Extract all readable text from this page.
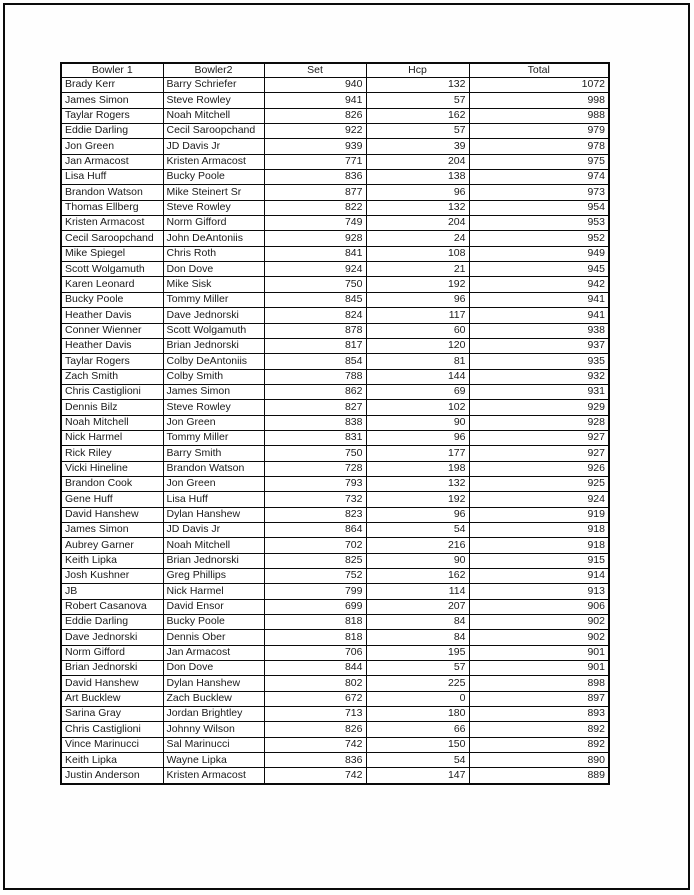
Bowler 1	Bowler2	Set	Hcp	Total
Brady Kerr	Barry Schriefer	940	132	1072
James Simon	Steve Rowley	941	57	998
Taylar Rogers	Noah Mitchell	826	162	988
Eddie Darling	Cecil Saroopchand	922	57	979
Jon Green	JD Davis Jr	939	39	978
Jan Armacost	Kristen Armacost	771	204	975
Lisa Huff	Bucky Poole	836	138	974
Brandon Watson	Mike Steinert Sr	877	96	973
Thomas Ellberg	Steve Rowley	822	132	954
Kristen Armacost	Norm Gifford	749	204	953
Cecil Saroopchand	John DeAntoniis	928	24	952
Mike Spiegel	Chris Roth	841	108	949
Scott Wolgamuth	Don Dove	924	21	945
Karen Leonard	Mike Sisk	750	192	942
Bucky Poole	Tommy Miller	845	96	941
Heather Davis	Dave Jednorski	824	117	941
Conner Wienner	Scott Wolgamuth	878	60	938
Heather Davis	Brian Jednorski	817	120	937
Taylar Rogers	Colby DeAntoniis	854	81	935
Zach Smith	Colby Smith	788	144	932
Chris Castiglioni	James Simon	862	69	931
Dennis Bilz	Steve Rowley	827	102	929
Noah Mitchell	Jon Green	838	90	928
Nick Harmel	Tommy Miller	831	96	927
Rick Riley	Barry Smith	750	177	927
Vicki Hineline	Brandon Watson	728	198	926
Brandon Cook	Jon Green	793	132	925
Gene Huff	Lisa Huff	732	192	924
David Hanshew	Dylan Hanshew	823	96	919
James Simon	JD Davis Jr	864	54	918
Aubrey Garner	Noah Mitchell	702	216	918
Keith Lipka	Brian Jednorski	825	90	915
Josh Kushner	Greg Phillips	752	162	914
JB	Nick Harmel	799	114	913
Robert Casanova	David Ensor	699	207	906
Eddie Darling	Bucky Poole	818	84	902
Dave Jednorski	Dennis Ober	818	84	902
Norm Gifford	Jan Armacost	706	195	901
Brian Jednorski	Don Dove	844	57	901
David Hanshew	Dylan Hanshew	802	225	898
Art Bucklew	Zach Bucklew	672	0	897
Sarina Gray	Jordan Brightley	713	180	893
Chris Castiglioni	Johnny Wilson	826	66	892
Vince Marinucci	Sal Marinucci	742	150	892
Keith Lipka	Wayne Lipka	836	54	890
Justin Anderson	Kristen Armacost	742	147	889
